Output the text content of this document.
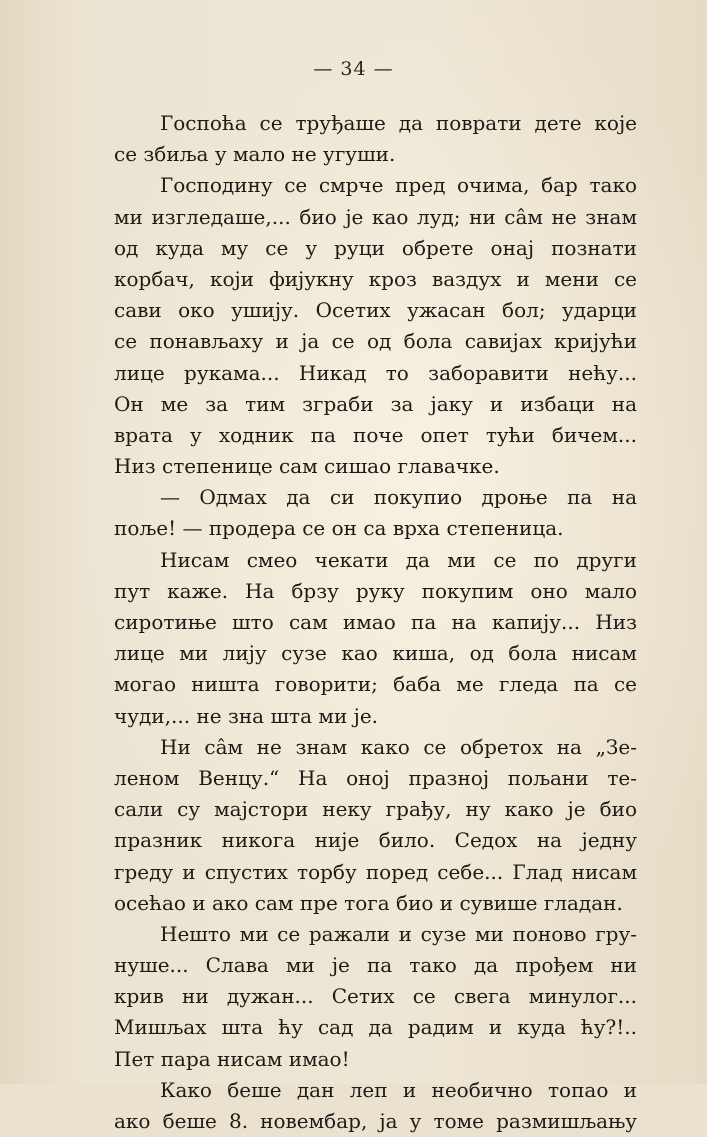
— 34 —
Госпоћа се труђаше да поврати дете које
се збиља у мало не угуши.
Господину се смрче пред очима, бар тако
ми изгледаше,... био је као луд; ни сâм не знам
од куда му се у руци обрете онај познати
корбач, који фијукну кроз ваздух и мени се
сави око ушију. Осетих ужасан бол; ударци
се понављаху и ја се од бола савијах кријући
лице рукама... Никад то заборавити нећу...
Он ме за тим зграби за јаку и избаци на
врата у ходник па поче опет тући бичем...
Низ степенице сам сишао главачке.
— Одмах да си покупио дроње па на
поље! — продера се он са врха степеница.
Нисам смео чекати да ми се по други
пут каже. На брзу руку покупим оно мало
сиротиње што сам имао па на капију... Низ
лице ми лију сузе као киша, од бола нисам
могао ништа говорити; баба ме гледа па се
чуди,... не зна шта ми је.
Ни сâм не знам како се обретох на „Зе-
леном Венцу.“ На оној празној пољани те-
сали су мајстори неку грађу, ну како је био
празник никога није било. Седох на једну
греду и спустих торбу поред себе... Глад нисам
осећао и ако сам пре тога био и сувише гладан.
Нешто ми се ражали и сузе ми поново гру-
нуше... Слава ми је па тако да прођем ни
крив ни дужан... Сетих се свега минулог...
Мишљах шта ћу сад да радим и куда ћу?!..
Пет пара нисам имао!
Како беше дан леп и необично топао и
ако беше 8. новембар, ја у томе размишљању
